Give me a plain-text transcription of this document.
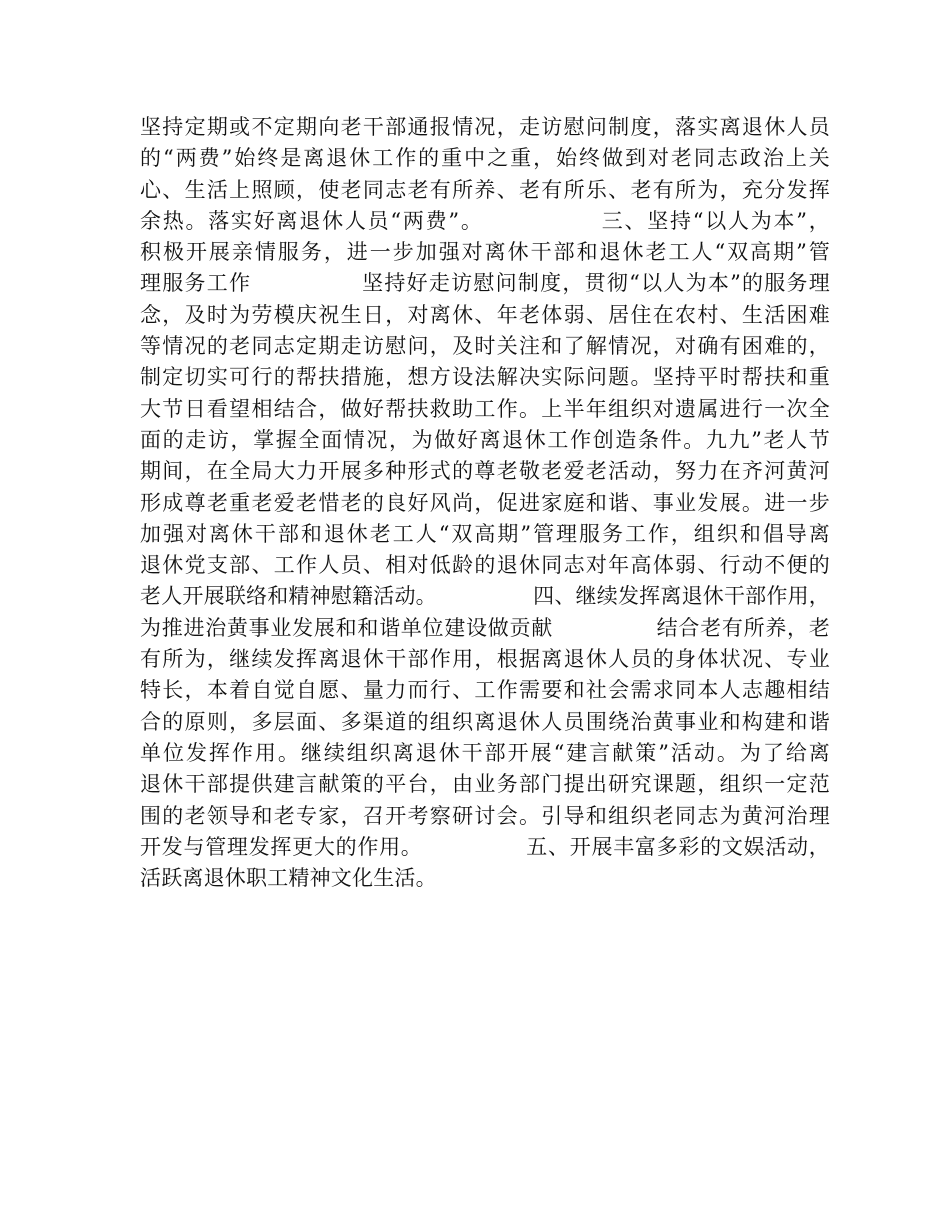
坚持定期或不定期向老干部通报情况，走访慰问制度，落实离退休人员
的“两费”始终是离退休工作的重中之重，始终做到对老同志政治上关
心、生活上照顾，使老同志老有所养、老有所乐、老有所为，充分发挥
余热。落实好离退休人员“两费”。              三、坚持“以人为本”，
积极开展亲情服务，进一步加强对离休干部和退休老工人“双高期”管
理服务工作              坚持好走访慰问制度，贯彻“以人为本”的服务理
念，及时为劳模庆祝生日，对离休、年老体弱、居住在农村、生活困难
等情况的老同志定期走访慰问，及时关注和了解情况，对确有困难的，
制定切实可行的帮扶措施，想方设法解决实际问题。坚持平时帮扶和重
大节日看望相结合，做好帮扶救助工作。上半年组织对遗属进行一次全
面的走访，掌握全面情况，为做好离退休工作创造条件。九九”老人节
期间，在全局大力开展多种形式的尊老敬老爱老活动，努力在齐河黄河
形成尊老重老爱老惜老的良好风尚，促进家庭和谐、事业发展。进一步
加强对离休干部和退休老工人“双高期”管理服务工作，组织和倡导离
退休党支部、工作人员、相对低龄的退休同志对年高体弱、行动不便的
老人开展联络和精神慰籍活动。              四、继续发挥离退休干部作用，
为推进治黄事业发展和和谐单位建设做贡献              结合老有所养，老
有所为，继续发挥离退休干部作用，根据离退休人员的身体状况、专业
特长，本着自觉自愿、量力而行、工作需要和社会需求同本人志趣相结
合的原则，多层面、多渠道的组织离退休人员围绕治黄事业和构建和谐
单位发挥作用。继续组织离退休干部开展“建言献策”活动。为了给离
退休干部提供建言献策的平台，由业务部门提出研究课题，组织一定范
围的老领导和老专家，召开考察研讨会。引导和组织老同志为黄河治理
开发与管理发挥更大的作用。              五、开展丰富多彩的文娱活动，
活跃离退休职工精神文化生活。
